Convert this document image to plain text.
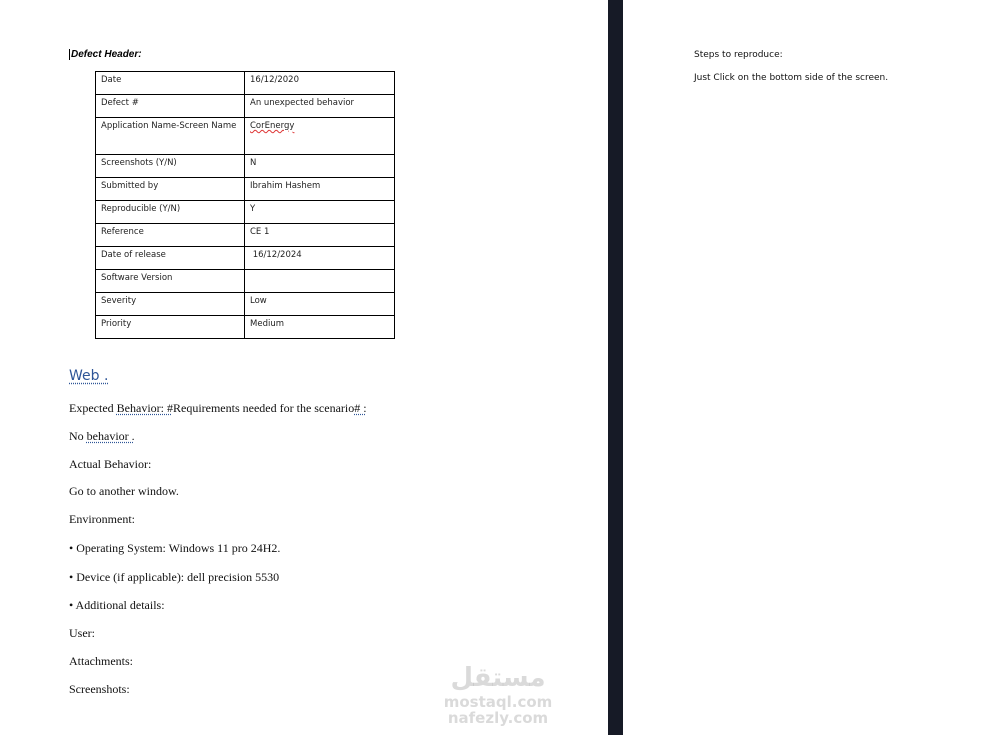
Defect Header:
Date	16/12/2020
Defect #	An unexpected behavior
Application Name-Screen Name	CorEnergy
Screenshots (Y/N)	N
Submitted by	Ibrahim Hashem
Reproducible (Y/N)	Y
Reference	CE 1
Date of release	16/12/2024
Software Version	
Severity	Low
Priority	Medium
Web .
Expected Behavior: #Requirements needed for the scenario# :
No behavior .
Actual Behavior:
Go to another window.
Environment:
• Operating System: Windows 11 pro 24H2.
• Device (if applicable): dell precision 5530
• Additional details:
User:
Attachments:
Screenshots:
Steps to reproduce:
Just Click on the bottom side of the screen.
مستقل
mostaql.com
nafezly.com
